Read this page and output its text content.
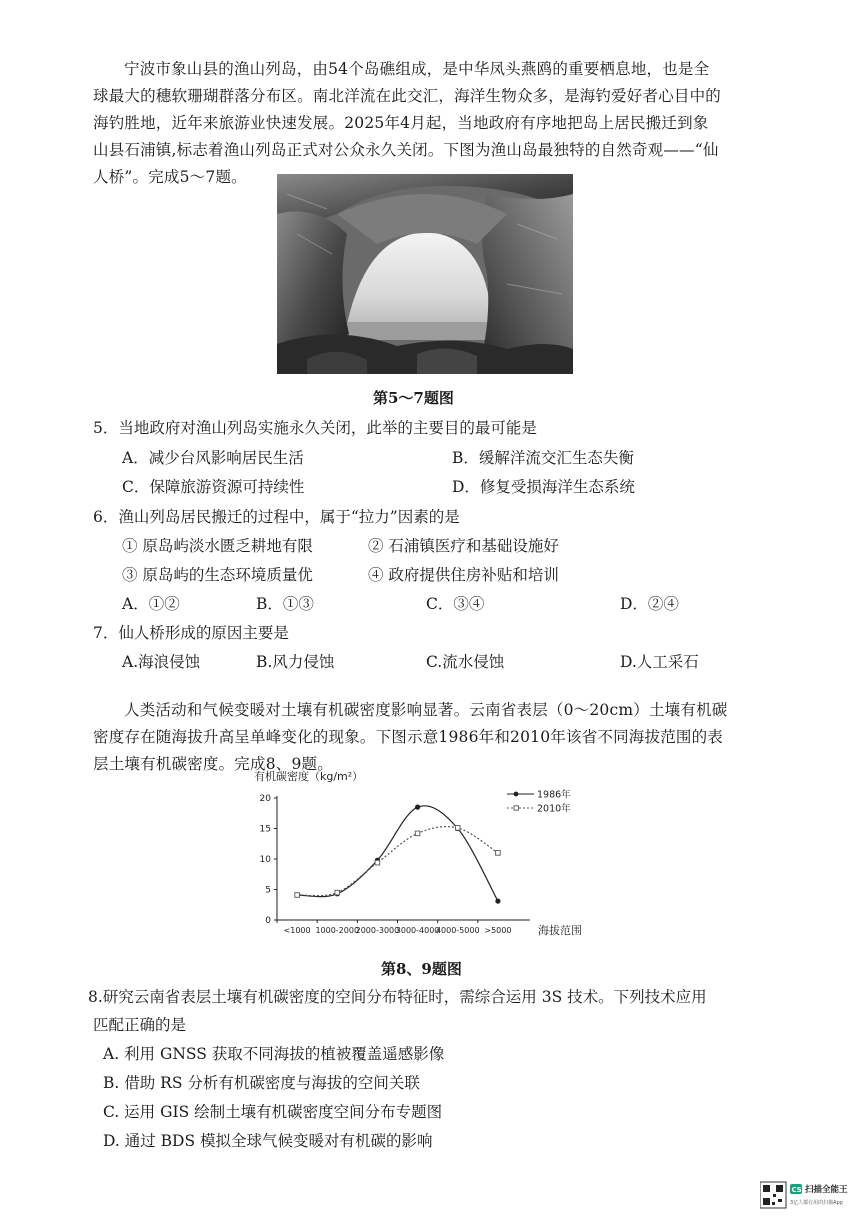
宁波市象山县的渔山列岛，由54个岛礁组成，是中华凤头燕鸥的重要栖息地，也是全
球最大的穗软珊瑚群落分布区。南北洋流在此交汇，海洋生物众多，是海钓爱好者心目中的
海钓胜地，近年来旅游业快速发展。2025年4月起，当地政府有序地把岛上居民搬迁到象
山县石浦镇,标志着渔山列岛正式对公众永久关闭。下图为渔山岛最独特的自然奇观——“仙
人桥”。完成5～7题。
第5～7题图
5．当地政府对渔山列岛实施永久关闭，此举的主要目的最可能是
A．减少台风影响居民生活	B．缓解洋流交汇生态失衡
C．保障旅游资源可持续性	D．修复受损海洋生态系统
6．渔山列岛居民搬迁的过程中，属于“拉力”因素的是
① 原岛屿淡水匮乏耕地有限	② 石浦镇医疗和基础设施好
③ 原岛屿的生态环境质量优	④ 政府提供住房补贴和培训
A．①②	B．①③	C．③④	D．②④
7．仙人桥形成的原因主要是
A.海浪侵蚀	B.风力侵蚀	C.流水侵蚀	D.人工采石
人类活动和气候变暖对土壤有机碳密度影响显著。云南省表层（0～20cm）土壤有机碳
密度存在随海拔升高呈单峰变化的现象。下图示意1986年和2010年该省不同海拔范围的表
层土壤有机碳密度。完成8、9题。
有机碳密度（kg/m²）
海拔范围
0
5
10
15
20
<1000 1000-2000
2000-3000
3000-4000
4000-5000 >5000
1986年
2010年
第8、9题图
8.研究云南省表层土壤有机碳密度的空间分布特征时，需综合运用 3S 技术。下列技术应用
匹配正确的是
A. 利用 GNSS 获取不同海拔的植被覆盖遥感影像
B. 借助 RS 分析有机碳密度与海拔的空间关联
C. 运用 GIS 绘制土壤有机碳密度空间分布专题图
D. 通过 BDS 模拟全球气候变暖对有机碳的影响
CS 扫描全能王
3亿人都在用的扫描App
